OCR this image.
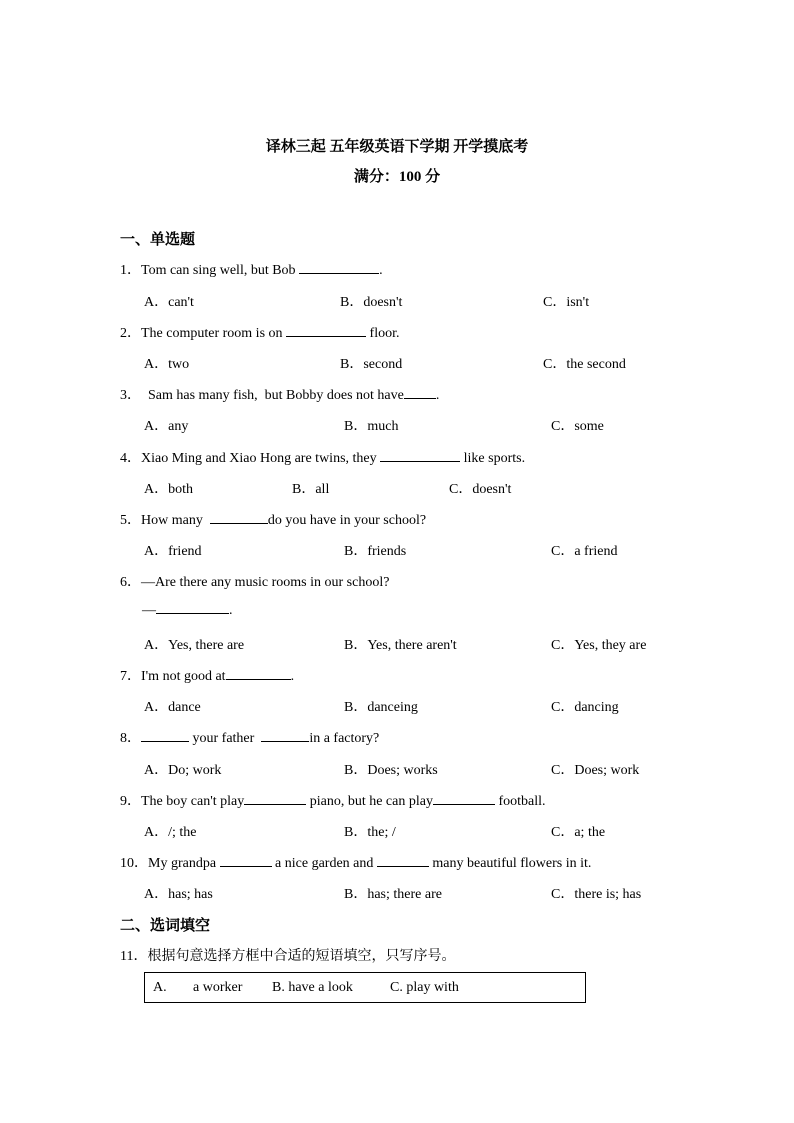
译林三起 五年级英语下学期 开学摸底考
满分：100 分
一、单选题
1．Tom can sing well, but Bob	.
A．can't	B．doesn't	C．isn't
2．The computer room is on	floor.
A．two	B．second	C．the second
3．  Sam has many fish,  but Bobby does not have .
A．any	B．much	C．some
4．Xiao Ming and Xiao Hong are twins, they	like sports.
A．both	B．all	C．doesn't
5．How many	do you have in your school?
A．friend	B．friends	C．a friend
6．—Are there any music rooms in our school?
—	.
A．Yes, there are	B．Yes, there aren't	C．Yes, they are
7．I'm not good at	.
A．dance	B．danceing	C．dancing
8．	your father	in a factory?
A．Do; work	B．Does; works	C．Does; work
9．The boy can't play	piano, but he can play	football.
A．/; the	B．the; /	C．a; the
10．My grandpa	a nice garden and	many beautiful flowers in it.
A．has; has	B．has; there are	C．there is; has
二、选词填空
11．根据句意选择方框中合适的短语填空，只写序号。
A. a worker B. have a look	C. play with
